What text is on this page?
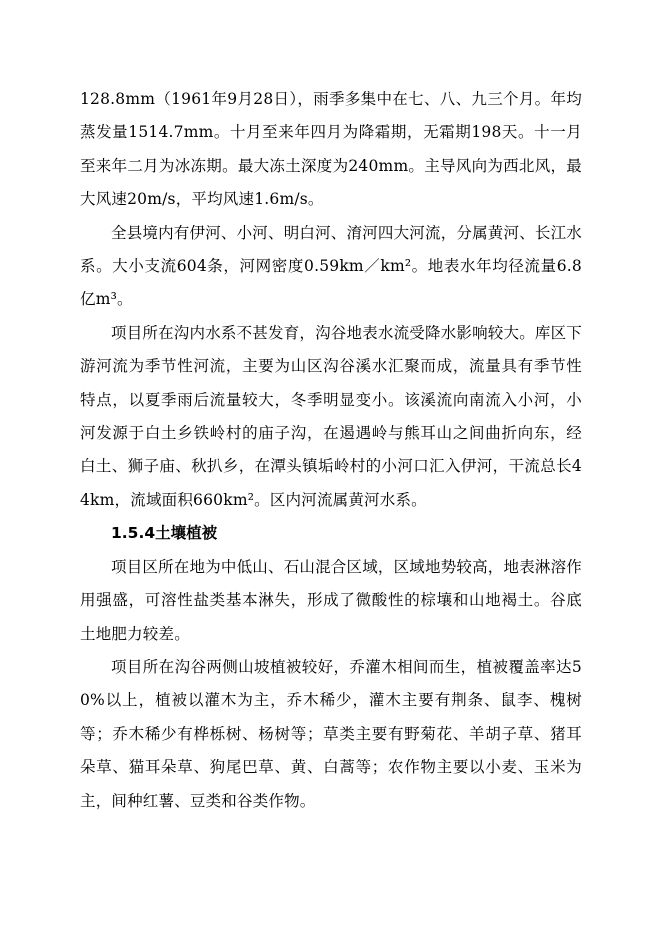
128.8mm（1961年9月28日），雨季多集中在七、八、九三个月。年均蒸发量1514.7mm。十月至来年四月为降霜期，无霜期198天。十一月至来年二月为冰冻期。最大冻土深度为240mm。主导风向为西北风，最大风速20m/s，平均风速1.6m/s。

全县境内有伊河、小河、明白河、淯河四大河流，分属黄河、长江水系。大小支流604条，河网密度0.59km／km²。地表水年均径流量6.8亿m³。

项目所在沟内水系不甚发育，沟谷地表水流受降水影响较大。库区下游河流为季节性河流，主要为山区沟谷溪水汇聚而成，流量具有季节性特点，以夏季雨后流量较大，冬季明显变小。该溪流向南流入小河，小河发源于白土乡铁岭村的庙子沟，在遏遇岭与熊耳山之间曲折向东，经白土、狮子庙、秋扒乡，在潭头镇垢岭村的小河口汇入伊河，干流总长44km，流域面积660km²。区内河流属黄河水系。

1.5.4土壤植被

项目区所在地为中低山、石山混合区域，区域地势较高，地表淋溶作用强盛，可溶性盐类基本淋失，形成了微酸性的棕壤和山地褐土。谷底土地肥力较差。

项目所在沟谷两侧山坡植被较好，乔灌木相间而生，植被覆盖率达50%以上，植被以灌木为主，乔木稀少，灌木主要有荆条、鼠李、槐树等；乔木稀少有桦栎树、杨树等；草类主要有野菊花、羊胡子草、猪耳朵草、猫耳朵草、狗尾巴草、黄、白蒿等；农作物主要以小麦、玉米为主，间种红薯、豆类和谷类作物。
